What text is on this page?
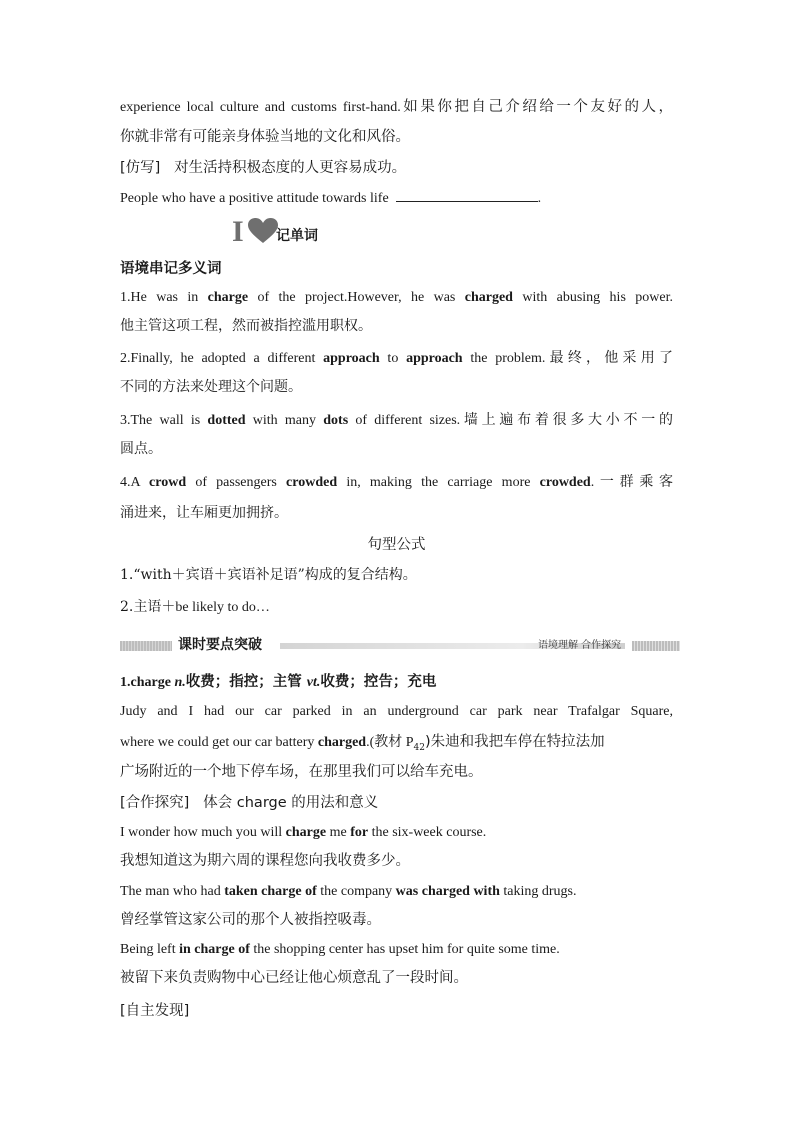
experience local culture and customs first-hand.如果你把自己介绍给一个友好的人，
你就非常有可能亲身体验当地的文化和风俗。
[仿写] 对生活持积极态度的人更容易成功。
People who have a positive attitude towards life	.
I 记单词
语境串记多义词
1.He was in charge of the project.However, he was charged with abusing his power.
他主管这项工程，然而被指控滥用职权。
2.Finally, he adopted a different approach to approach the problem.最终，他采用了
不同的方法来处理这个问题。
3.The wall is dotted with many dots of different sizes.墙上遍布着很多大小不一的
圆点。
4.A crowd of passengers crowded in, making the carriage more crowded.一群乘客
涌进来，让车厢更加拥挤。
句型公式
1.“with＋宾语＋宾语补足语”构成的复合结构。
2.主语＋be likely to do…
课时要点突破	语境理解 合作探究
1.charge n.收费；指控；主管 vt.收费；控告；充电
Judy and I had our car parked in an underground car park near Trafalgar Square,
where we could get our car battery charged.(教材 $P_{42}$)朱迪和我把车停在特拉法加
广场附近的一个地下停车场，在那里我们可以给车充电。
[合作探究] 体会 charge 的用法和意义
I wonder how much you will charge me for the six-week course.
我想知道这为期六周的课程您向我收费多少。
The man who had taken charge of the company was charged with taking drugs.
曾经掌管这家公司的那个人被指控吸毒。
Being left in charge of the shopping center has upset him for quite some time.
被留下来负责购物中心已经让他心烦意乱了一段时间。
[自主发现]
